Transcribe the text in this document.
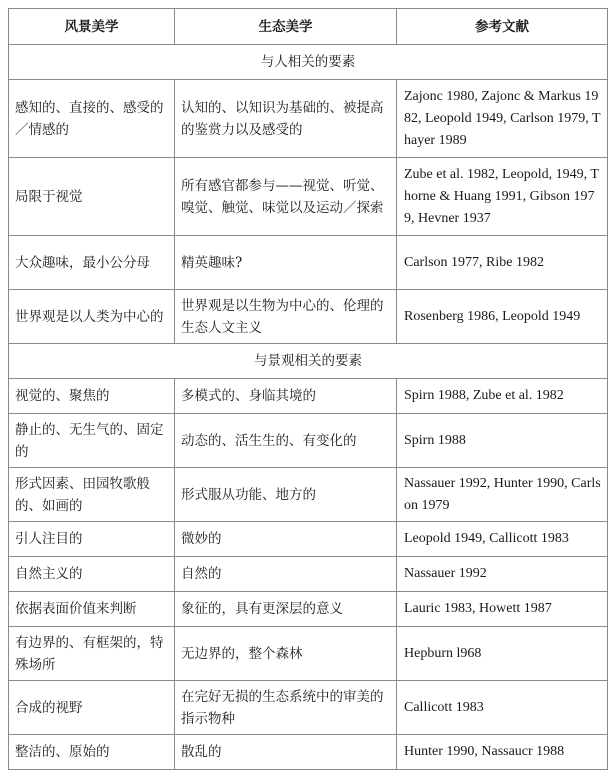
风景美学	生态美学	参考文献
与人相关的要素		
感知的、直接的、感受的／情感的	认知的、以知识为基础的、被提高的鉴赏力以及感受的	Zajonc 1980, Zajonc & Markus 1982, Leopold 1949, Carlson 1979, Thayer 1989
局限于视觉	所有感官都参与——视觉、听觉、嗅觉、触觉、味觉以及运动／探索	Zube et al. 1982, Leopold, 1949, Thorne & Huang 1991, Gibson 1979, Hevner 1937
大众趣味，最小公分母	精英趣味?	Carlson 1977, Ribe 1982
世界观是以人类为中心的	世界观是以生物为中心的、伦理的生态人文主义	Rosenberg 1986, Leopold 1949
与景观相关的要素		
视觉的、聚焦的	多模式的、身临其境的	Spirn 1988, Zube et al. 1982
静止的、无生气的、固定的	动态的、活生生的、有变化的	Spirn 1988
形式因素、田园牧歌般的、如画的	形式服从功能、地方的	Nassauer 1992, Hunter 1990, Carlson 1979
引人注目的	微妙的	Leopold 1949, Callicott 1983
自然主义的	自然的	Nassauer 1992
依据表面价值来判断	象征的，具有更深层的意义	Lauric 1983, Howett 1987
有边界的、有框架的，特殊场所	无边界的，整个森林	Hepburn l968
合成的视野	在完好无损的生态系统中的审美的指示物种	Callicott 1983
整洁的、原始的	散乱的	Hunter 1990, Nassaucr 1988
